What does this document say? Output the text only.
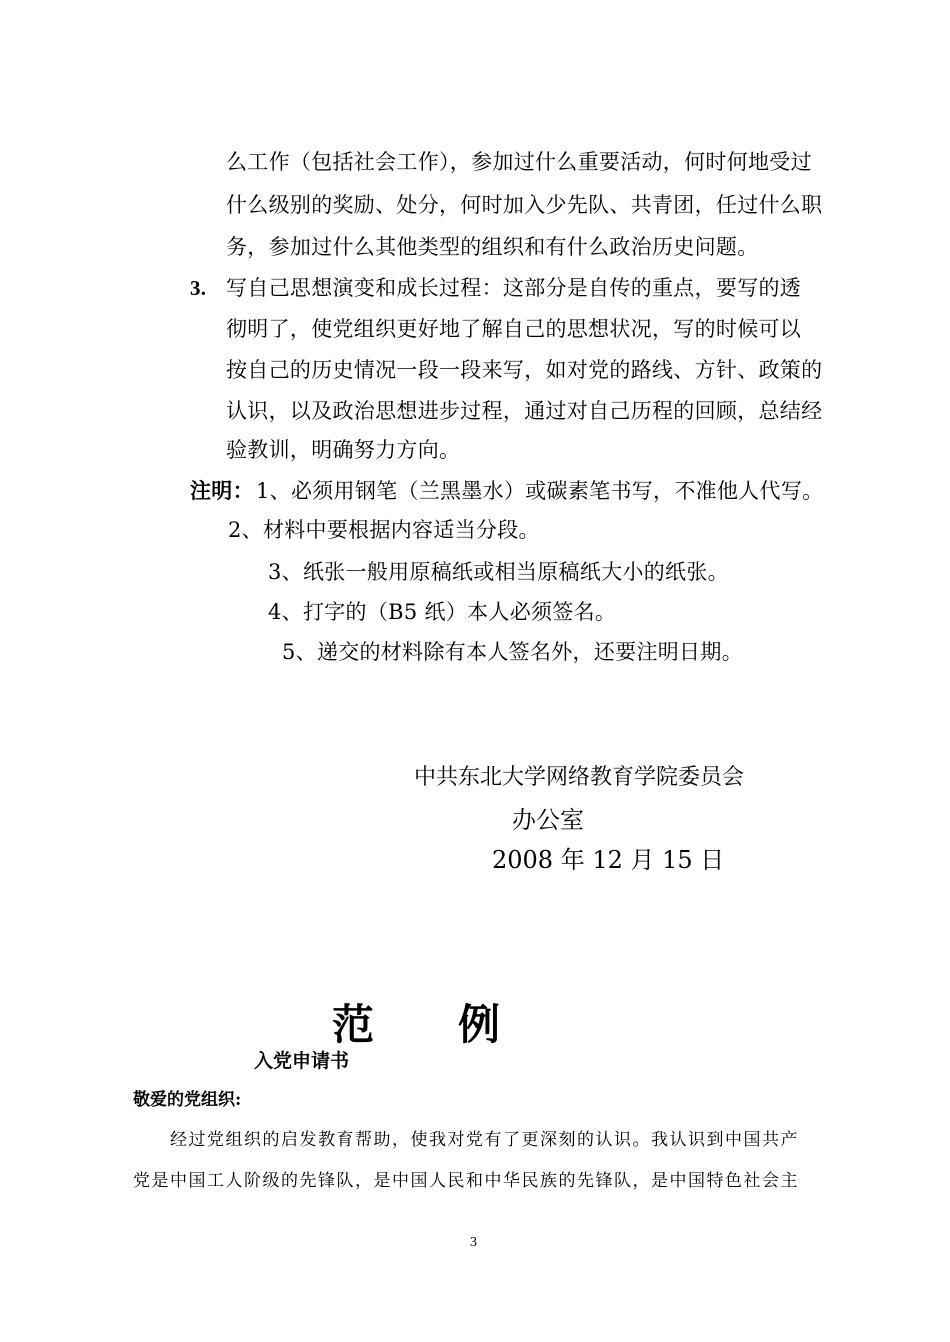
么工作（包括社会工作），参加过什么重要活动，何时何地受过
什么级别的奖励、处分，何时加入少先队、共青团，任过什么职
务，参加过什么其他类型的组织和有什么政治历史问题。
3. 写自己思想演变和成长过程：这部分是自传的重点，要写的透
彻明了，使党组织更好地了解自己的思想状况，写的时候可以
按自己的历史情况一段一段来写，如对党的路线、方针、政策的
认识，以及政治思想进步过程，通过对自己历程的回顾，总结经
验教训，明确努力方向。
注明： 1、必须用钢笔（兰黑墨水）或碳素笔书写，不准他人代写。
2、材料中要根据内容适当分段。
3、纸张一般用原稿纸或相当原稿纸大小的纸张。
4、打字的（B5 纸）本人必须签名。
5、递交的材料除有本人签名外，还要注明日期。
中共东北大学网络教育学院委员会
办公室
2008 年 12 月 15 日
范　　例
入党申请书
敬爱的党组织:
经过党组织的启发教育帮助，使我对党有了更深刻的认识。我认识到中国共产
党是中国工人阶级的先锋队，是中国人民和中华民族的先锋队，是中国特色社会主
3
